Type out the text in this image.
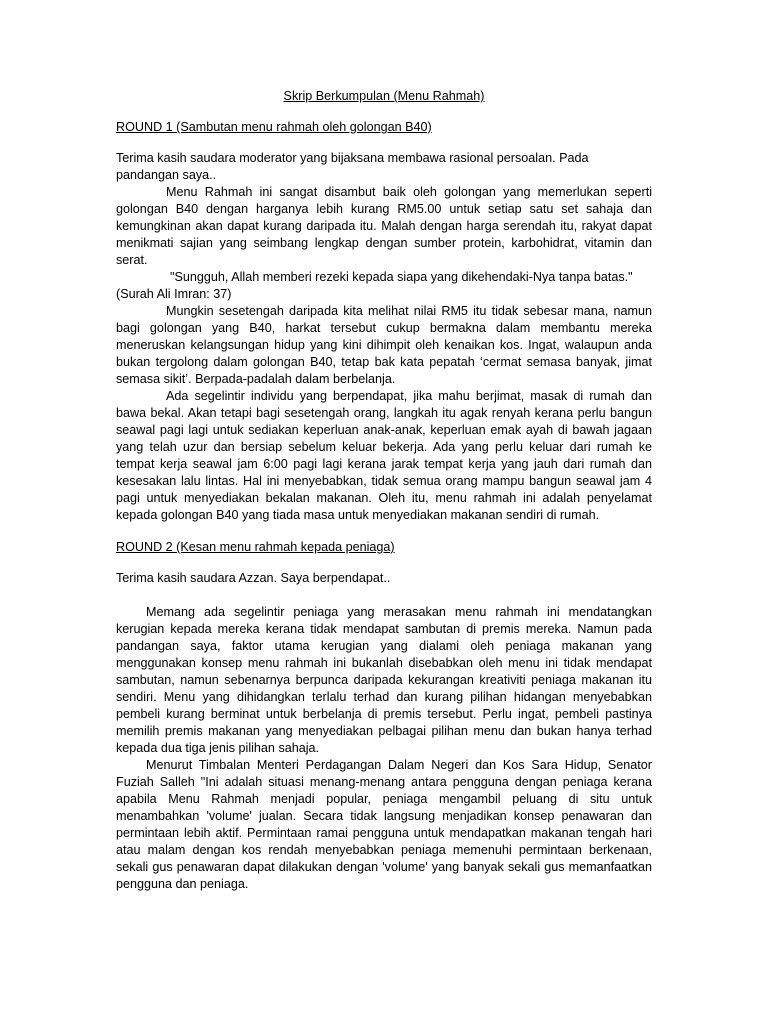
Skrip Berkumpulan (Menu Rahmah)
ROUND 1 (Sambutan menu rahmah oleh golongan B40)

Terima kasih saudara moderator yang bijaksana membawa rasional persoalan. Pada pandangan saya..

Menu Rahmah ini sangat disambut baik oleh golongan yang memerlukan seperti golongan B40 dengan harganya lebih kurang RM5.00 untuk setiap satu set sahaja dan kemungkinan akan dapat kurang daripada itu. Malah dengan harga serendah itu, rakyat dapat menikmati sajian yang seimbang lengkap dengan sumber protein, karbohidrat, vitamin dan serat.

"Sungguh, Allah memberi rezeki kepada siapa yang dikehendaki-Nya tanpa batas." (Surah Ali Imran: 37)

Mungkin sesetengah daripada kita melihat nilai RM5 itu tidak sebesar mana, namun bagi golongan yang B40, harkat tersebut cukup bermakna dalam membantu mereka meneruskan kelangsungan hidup yang kini dihimpit oleh kenaikan kos. Ingat, walaupun anda bukan tergolong dalam golongan B40, tetap bak kata pepatah ‘cermat semasa banyak, jimat semasa sikit’. Berpada-padalah dalam berbelanja.

Ada segelintir individu yang berpendapat, jika mahu berjimat, masak di rumah dan bawa bekal. Akan tetapi bagi sesetengah orang, langkah itu agak renyah kerana perlu bangun seawal pagi lagi untuk sediakan keperluan anak-anak, keperluan emak ayah di bawah jagaan yang telah uzur dan bersiap sebelum keluar bekerja. Ada yang perlu keluar dari rumah ke tempat kerja seawal jam 6:00 pagi lagi kerana jarak tempat kerja yang jauh dari rumah dan kesesakan lalu lintas. Hal ini menyebabkan, tidak semua orang mampu bangun seawal jam 4 pagi untuk menyediakan bekalan makanan. Oleh itu, menu rahmah ini adalah penyelamat kepada golongan B40 yang tiada masa untuk menyediakan makanan sendiri di rumah.

ROUND 2 (Kesan menu rahmah kepada peniaga)

Terima kasih saudara Azzan. Saya berpendapat..

Memang ada segelintir peniaga yang merasakan menu rahmah ini mendatangkan kerugian kepada mereka kerana tidak mendapat sambutan di premis mereka. Namun pada pandangan saya, faktor utama kerugian yang dialami oleh peniaga makanan yang menggunakan konsep menu rahmah ini bukanlah disebabkan oleh menu ini tidak mendapat sambutan, namun sebenarnya berpunca daripada kekurangan kreativiti peniaga makanan itu sendiri. Menu yang dihidangkan terlalu terhad dan kurang pilihan hidangan menyebabkan pembeli kurang berminat untuk berbelanja di premis tersebut. Perlu ingat, pembeli pastinya memilih premis makanan yang menyediakan pelbagai pilihan menu dan bukan hanya terhad kepada dua tiga jenis pilihan sahaja.

Menurut Timbalan Menteri Perdagangan Dalam Negeri dan Kos Sara Hidup, Senator Fuziah Salleh "Ini adalah situasi menang-menang antara pengguna dengan peniaga kerana apabila Menu Rahmah menjadi popular, peniaga mengambil peluang di situ untuk menambahkan 'volume' jualan. Secara tidak langsung menjadikan konsep penawaran dan permintaan lebih aktif. Permintaan ramai pengguna untuk mendapatkan makanan tengah hari atau malam dengan kos rendah menyebabkan peniaga memenuhi permintaan berkenaan, sekali gus penawaran dapat dilakukan dengan 'volume' yang banyak sekali gus memanfaatkan pengguna dan peniaga.
